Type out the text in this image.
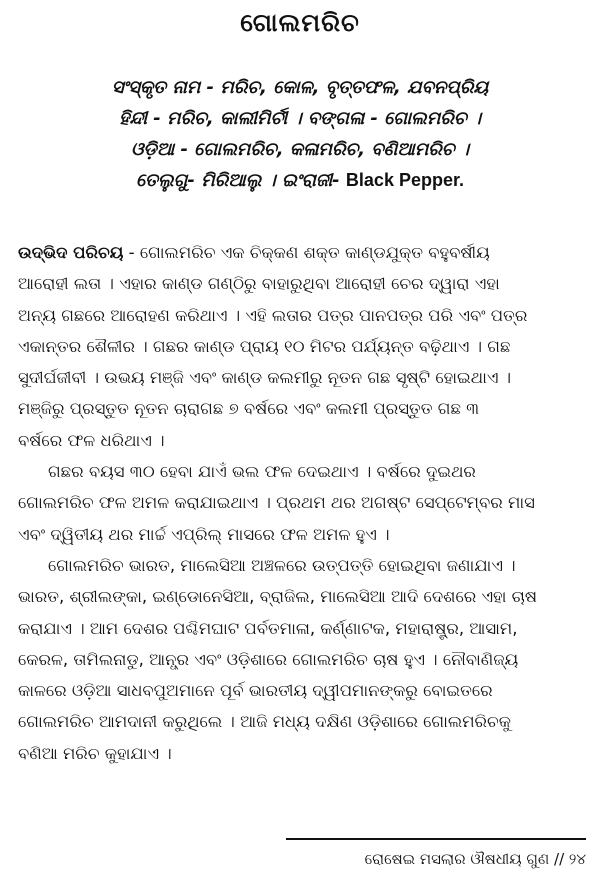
ଗୋଲମରିଚ
ସଂସ୍କୃତ ନାମ - ମରିଚ, କୋଳ, ବୃତ୍ତଫଳ, ଯବନପ୍ରିୟ
ହିନ୍ଦୀ - ମରିଚ, କାଲୀମିର୍ଚୀ । ବଙ୍ଗଳା - ଗୋଲମରିଚ ।
ଓଡ଼ିଆ - ଗୋଲମରିଚ, କଳାମରିଚ, ବଣିଆମରିଚ ।
ତେଲୁଗୁ- ମିରିଆଲୁ । ଇଂରାଜୀ- Black Pepper.
ଉଦ୍ଭିଦ ପରିଚୟ - ଗୋଲମରିଚ ଏକ ଚିକ୍କଣ ଶକ୍ତ କାଣ୍ଡଯୁକ୍ତ ବହୁବର୍ଷୀୟ
ଆରୋହୀ ଲତା । ଏହାର କାଣ୍ଡ ଗଣ୍ଠିରୁ ବାହାରୁଥିବା ଆରୋହୀ ଚେର ଦ୍ୱାରା ଏହା
ଅନ୍ୟ ଗଛରେ ଆରୋହଣ କରିଥାଏ । ଏହି ଲତାର ପତ୍ର ପାନପତ୍ର ପରି ଏବଂ ପତ୍ର
ଏକାନ୍ତର ଶୈଳୀର । ଗଛର କାଣ୍ଡ ପ୍ରାୟ ୧୦ ମିଟର ପର୍ଯ୍ୟନ୍ତ ବଢ଼ିଥାଏ । ଗଛ
ସୁଦୀର୍ଘଜୀବୀ । ଉଭୟ ମଞ୍ଜି ଏବଂ କାଣ୍ଡ କଲମୀରୁ ନୂତନ ଗଛ ସୃଷ୍ଟି ହୋଇଥାଏ ।
ମଞ୍ଜିରୁ ପ୍ରସ୍ତୁତ ନୂତନ ଚାରାଗଛ ୭ ବର୍ଷରେ ଏବଂ କଲମୀ ପ୍ରସ୍ତୁତ ଗଛ ୩
ବର୍ଷରେ ଫଳ ଧରିଥାଏ ।
ଗଛର ବୟସ ୩୦ ହେବା ଯାଏଁ ଭଲ ଫଳ ଦେଇଥାଏ । ବର୍ଷରେ ଦୁଇଥର
ଗୋଲମରିଚ ଫଳ ଅମଳ କରାଯାଇଥାଏ । ପ୍ରଥମ ଥର ଅଗଷ୍ଟ ସେପ୍ଟେମ୍ବର ମାସ
ଏବଂ ଦ୍ୱିତୀୟ ଥର ମାର୍ଚ୍ଚ ଏପ୍ରିଲ୍ ମାସରେ ଫଳ ଅମଳ ହୁଏ ।
ଗୋଲମରିଚ ଭାରତ, ମାଲେସିଆ ଅଞ୍ଚଳରେ ଉତ୍ପତ୍ତି ହୋଇଥିବା ଜଣାଯାଏ ।
ଭାରତ, ଶ୍ରୀଲଙ୍କା, ଇଣ୍ଡୋନେସିଆ, ବ୍ରାଜିଲ, ମାଲେସିଆ ଆଦି ଦେଶରେ ଏହା ଚାଷ
କରାଯାଏ । ଆମ ଦେଶର ପଶ୍ଚିମଘାଟ ପର୍ବତମାଳା, କର୍ଣ୍ଣାଟକ, ମହାରାଷ୍ଟ୍ର, ଆସାମ,
କେରଳ, ତାମିଲନାଡୁ, ଆନ୍ଧ୍ର ଏବଂ ଓଡ଼ିଶାରେ ଗୋଲମରିଚ ଚାଷ ହୁଏ । ନୌବାଣିଜ୍ୟ
କାଳରେ ଓଡ଼ିଆ ସାଧବପୁଅମାନେ ପୂର୍ବ ଭାରତୀୟ ଦ୍ୱୀପମାନଙ୍କରୁ ବୋଇତରେ
ଗୋଲମରିଚ ଆମଦାନୀ କରୁଥିଲେ । ଆଜି ମଧ୍ୟ ଦକ୍ଷିଣ ଓଡ଼ିଶାରେ ଗୋଲମରିଚକୁ
ବଣିଆ ମରିଚ କୁହାଯାଏ ।
ରୋଷେଇ ମସଲାର ଔଷଧୀୟ ଗୁଣ // ୨୪
